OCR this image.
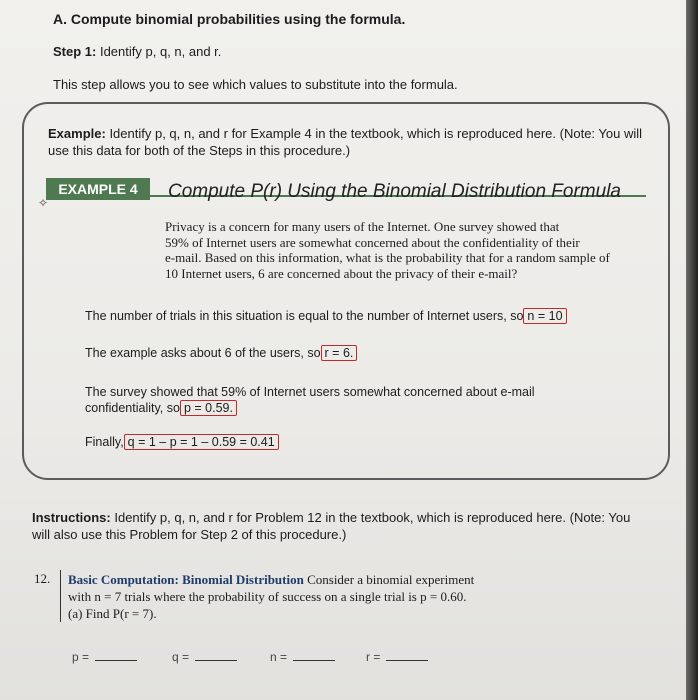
A. Compute binomial probabilities using the formula.
Step 1: Identify p, q, n, and r.
This step allows you to see which values to substitute into the formula.
Example: Identify p, q, n, and r for Example 4 in the textbook, which is reproduced here. (Note: You will
use this data for both of the Steps in this procedure.)
EXAMPLE 4
✧
Compute P(r) Using the Binomial Distribution Formula
Privacy is a concern for many users of the Internet. One survey showed that
59% of Internet users are somewhat concerned about the confidentiality of their
e-mail. Based on this information, what is the probability that for a random sample of
10 Internet users, 6 are concerned about the privacy of their e-mail?
The number of trials in this situation is equal to the number of Internet users, so n = 10
The example asks about 6 of the users, so r = 6.
The survey showed that 59% of Internet users somewhat concerned about e-mail
confidentiality, so p = 0.59.
Finally, q = 1 – p = 1 – 0.59 = 0.41
Instructions: Identify p, q, n, and r for Problem 12 in the textbook, which is reproduced here. (Note: You
will also use this Problem for Step 2 of this procedure.)
12. Basic Computation: Binomial Distribution Consider a binomial experiment
with n = 7 trials where the probability of success on a single trial is p = 0.60.
(a) Find P(r = 7).
p =	q =	n =	r =
